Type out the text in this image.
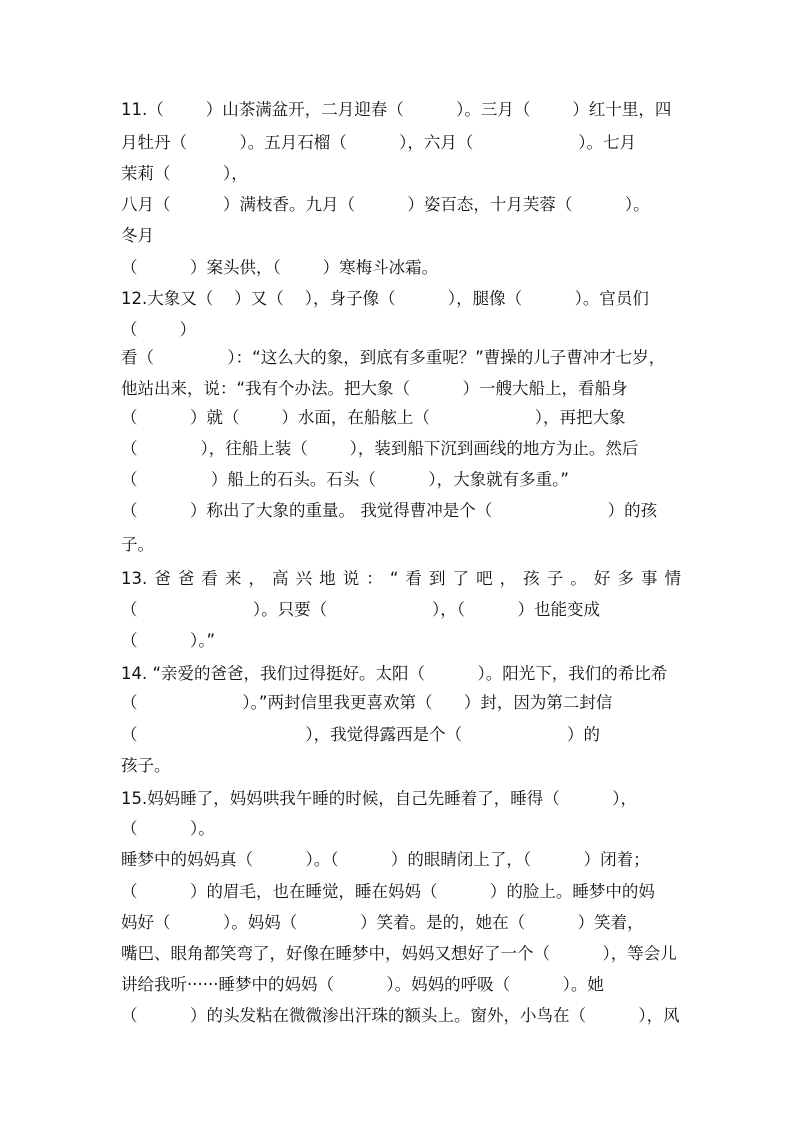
11.（        ）山茶满盆开，二月迎春（          ）。三月（        ）红十里，四
月牡丹（          ）。五月石榴（          ），六月（                    ）。七月
茉莉（          ），
八月（          ）满枝香。九月（          ）姿百态，十月芙蓉（          ）。
冬月
（          ）案头供，（        ）寒梅斗冰霜。
12.大象又（    ）又（    ），身子像（          ），腿像（          ）。官员们
（        ）
看（              ）：“这么大的象，到底有多重呢？”曹操的儿子曹冲才七岁，
他站出来，说：“我有个办法。把大象（          ）一艘大船上，看船身
（          ）就（        ）水面，在船舷上（                    ），再把大象
（            ），往船上装（        ），装到船下沉到画线的地方为止。然后
（              ）船上的石头。石头（          ），大象就有多重。”
（          ）称出了大象的重量。 我觉得曹冲是个（                      ）的孩
子。
13.爸爸看来，高兴地说：“看到了吧，孩子。好多事情
（                      ）。只要（                    ），（          ）也能变成
（          ）。”
14. “亲爱的爸爸，我们过得挺好。太阳（          ）。阳光下，我们的希比希
（                    ）。”两封信里我更喜欢第（      ）封，因为第二封信
（                                ），我觉得露西是个（                    ）的
孩子。
15.妈妈睡了，妈妈哄我午睡的时候，自己先睡着了，睡得（          ），
（          ）。
睡梦中的妈妈真（          ）。（          ）的眼睛闭上了，（          ）闭着；
（          ）的眉毛，也在睡觉，睡在妈妈（          ）的脸上。睡梦中的妈
妈好（          ）。妈妈（            ）笑着。是的，她在（          ）笑着，
嘴巴、眼角都笑弯了，好像在睡梦中，妈妈又想好了一个（          ），等会儿
讲给我听······睡梦中的妈妈（          ）。妈妈的呼吸（          ）。她
（          ）的头发粘在微微渗出汗珠的额头上。窗外，小鸟在（          ），风
